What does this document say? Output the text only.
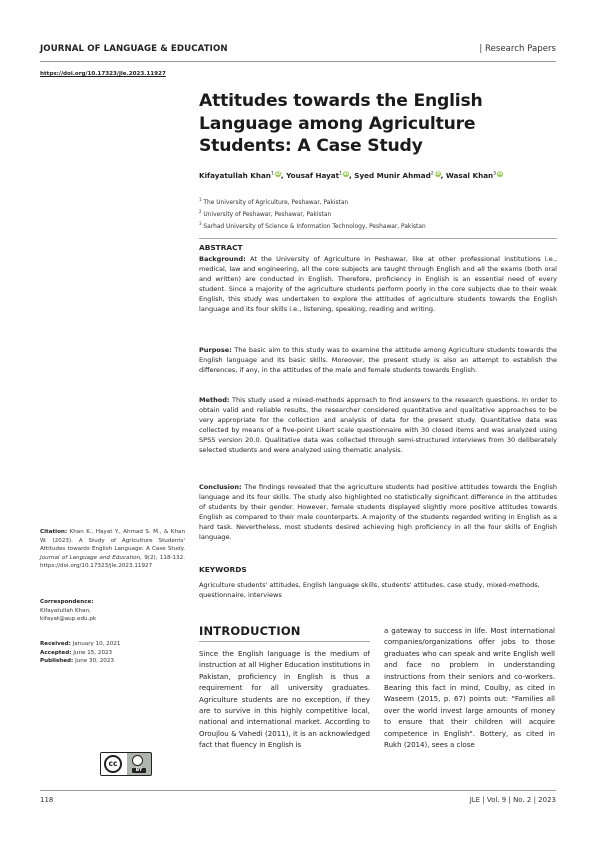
JOURNAL OF LANGUAGE & EDUCATION	| Research Papers
https://doi.org/10.17323/jle.2023.11927
Attitudes towards the English Language among Agriculture Students: A Case Study
Kifayatullah Khan$^1$ iD, Yousaf Hayat$^1$ iD, Syed Munir Ahmad$^2$ iD, Wasal Khan$^3$ iD
$^1$ The University of Agriculture, Peshawar, Pakistan
$^2$ University of Peshawar, Peshawar, Pakistan
$^3$ Sarhad University of Science & Information Technology, Peshawar, Pakistan
ABSTRACT

Background: At the University of Agriculture in Peshawar, like at other professional institutions i.e., medical, law and engineering, all the core subjects are taught through English and all the exams (both oral and written) are conducted in English. Therefore, proficiency in English is an essential need of every student. Since a majority of the agriculture students perform poorly in the core subjects due to their weak English, this study was undertaken to explore the attitudes of agriculture students towards the English language and its four skills i.e., listening, speaking, reading and writing.

Purpose: The basic aim to this study was to examine the attitude among Agriculture students towards the English language and its basic skills. Moreover, the present study is also an attempt to establish the differences, if any, in the attitudes of the male and female students towards English.

Method: This study used a mixed-methods approach to find answers to the research questions. In order to obtain valid and reliable results, the researcher considered quantitative and qualitative approaches to be very appropriate for the collection and analysis of data for the present study. Quantitative data was collected by means of a five-point Likert scale questionnaire with 30 closed items and was analyzed using SPSS version 20.0. Qualitative data was collected through semi-structured interviews from 30 deliberately selected students and were analyzed using thematic analysis.

Conclusion: The findings revealed that the agriculture students had positive attitudes towards the English language and its four skills. The study also highlighted no statistically significant difference in the attitudes of students by their gender. However, female students displayed slightly more positive attitudes towards English as compared to their male counterparts. A majority of the students regarded writing in English as a hard task. Nevertheless, most students desired achieving high proficiency in all the four skills of English language.

KEYWORDS

Agriculture students' attitudes, English language skills, students' attitudes, case study, mixed-methods, questionnaire, interviews

Citation: Khan K., Hayat Y., Ahmad S. M., & Khan W. (2023). A Study of Agriculture Students' Attitudes towards English Language: A Case Study. Journal of Language and Education, 9(2), 118-132. https://doi.org/10.17323/jle.2023.11927
Correspondence:
Kifayatullah Khan,
kifayat@aup.edu.pk
Received: January 10, 2021
Accepted: June 15, 2023
Published: June 30, 2023
cc
BY
INTRODUCTION

Since the English language is the medium of instruction at all Higher Education institutions in Pakistan, proficiency in English is thus a requirement for all university graduates. Agriculture students are no exception, if they are to survive in this highly competitive local, national and international market. According to Oroujlou & Vahedi (2011), it is an acknowledged fact that fluency in English is

a gateway to success in life. Most international companies/organizations offer jobs to those graduates who can speak and write English well and face no problem in understanding instructions from their seniors and co-workers. Bearing this fact in mind, Coulby, as cited in Waseem (2015, p. 67) points out: "Families all over the world invest large amounts of money to ensure that their children will acquire competence in English". Bottery, as cited in Rukh (2014), sees a close

118	JLE | Vol. 9 | No. 2 | 2023
